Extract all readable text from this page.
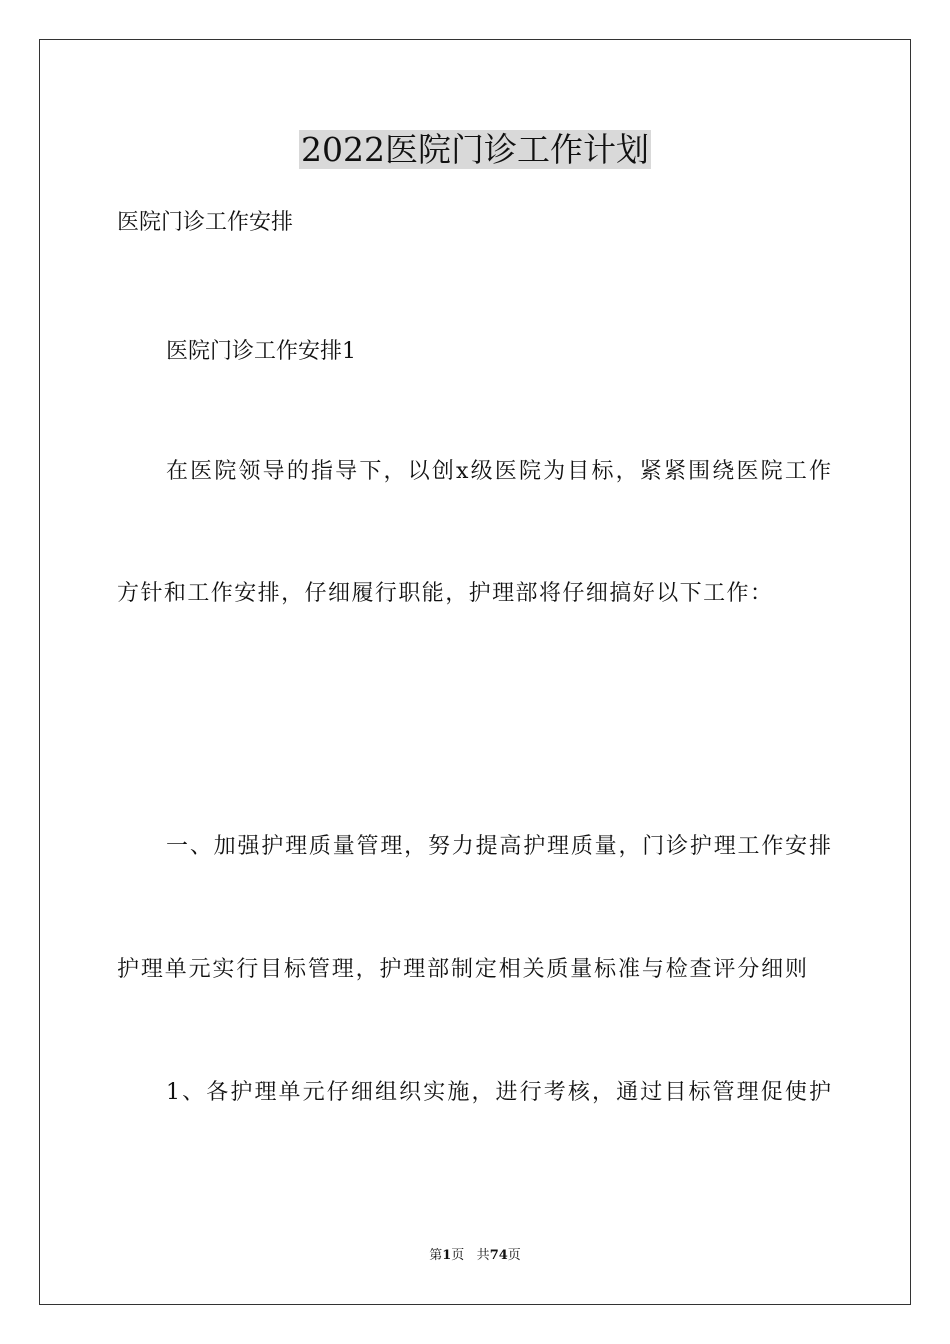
2022医院门诊工作计划

医院门诊工作安排

医院门诊工作安排1

在医院领导的指导下，以创x级医院为目标，紧紧围绕医院工作

方针和工作安排，仔细履行职能，护理部将仔细搞好以下工作：

一、加强护理质量管理，努力提高护理质量，门诊护理工作安排

护理单元实行目标管理，护理部制定相关质量标准与检查评分细则

1、各护理单元仔细组织实施，进行考核，通过目标管理促使护

第1页 共74页
